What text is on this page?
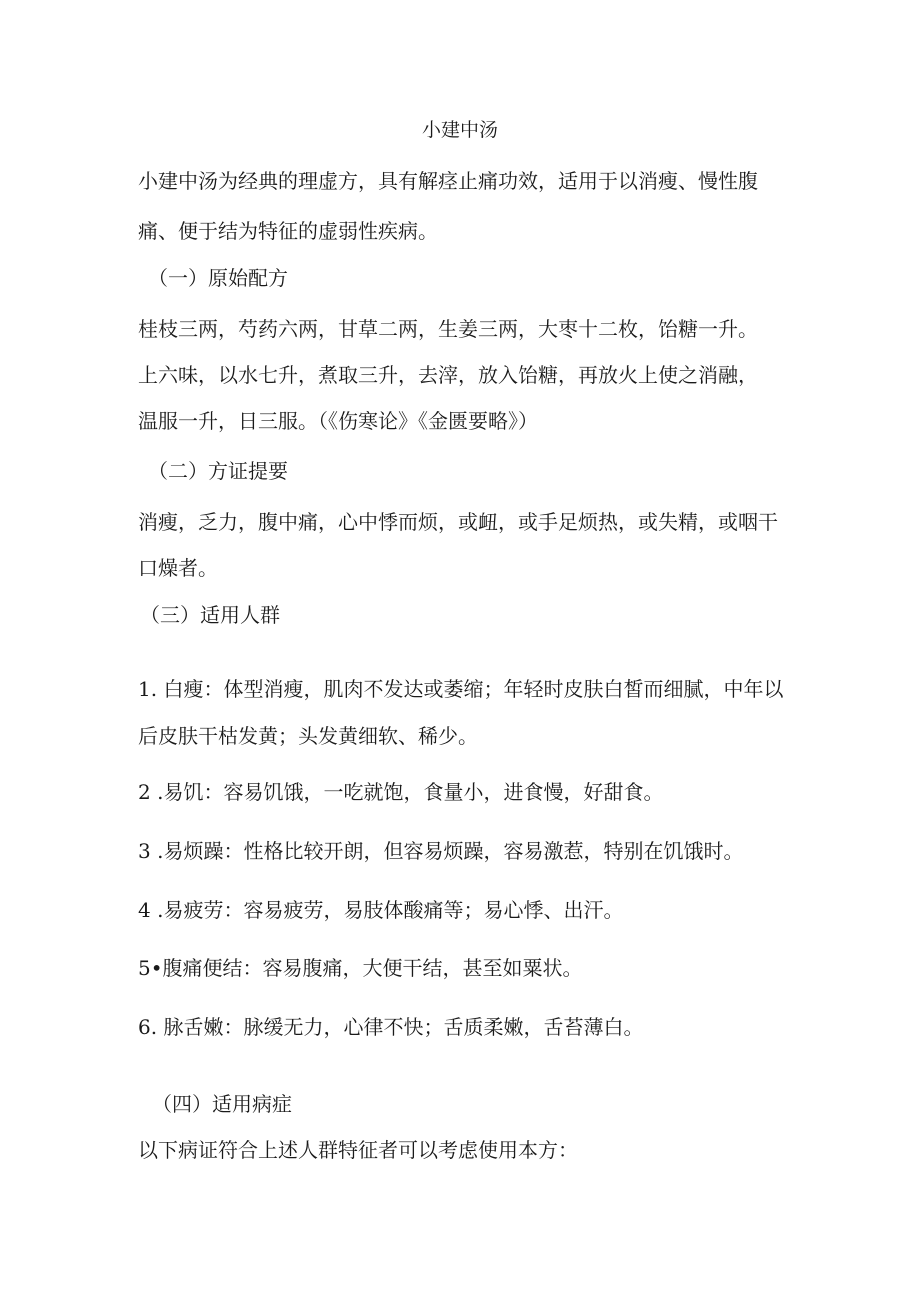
小建中汤
小建中汤为经典的理虚方，具有解痉止痛功效，适用于以消瘦、慢性腹
痛、便于结为特征的虚弱性疾病。
（一）原始配方
桂枝三两，芍药六两，甘草二两，生姜三两，大枣十二枚，饴糖一升。
上六味，以水七升，煮取三升，去滓，放入饴糖，再放火上使之消融，
温服一升，日三服。（《伤寒论》《金匮要略》）
（二）方证提要
消瘦，乏力，腹中痛，心中悸而烦，或衄，或手足烦热，或失精，或咽干
口燥者。
（三）适用人群
1. 白瘦：体型消瘦，肌肉不发达或萎缩；年轻时皮肤白皙而细腻，中年以
后皮肤干枯发黄；头发黄细软、稀少。
2 .易饥：容易饥饿，一吃就饱，食量小，进食慢，好甜食。
3 .易烦躁：性格比较开朗，但容易烦躁，容易激惹，特别在饥饿时。
4 .易疲劳：容易疲劳，易肢体酸痛等；易心悸、出汗。
5•腹痛便结：容易腹痛，大便干结，甚至如粟状。
6. 脉舌嫩：脉缓无力，心律不快；舌质柔嫩，舌苔薄白。
（四）适用病症
以下病证符合上述人群特征者可以考虑使用本方：
